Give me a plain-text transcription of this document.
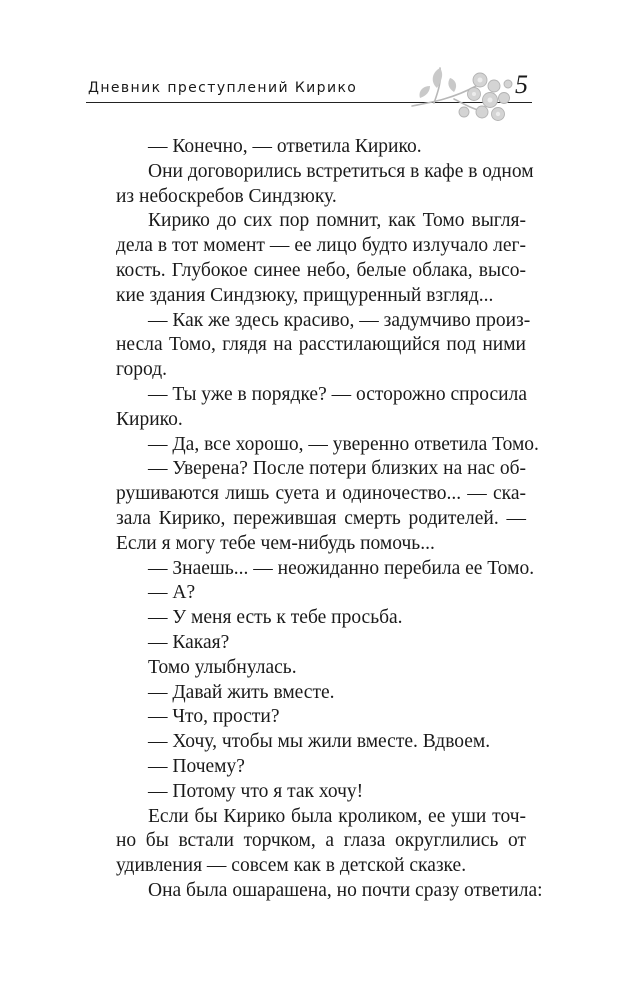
Дневник преступлений Кирико	5
— Конечно, — ответила Кирико.
Они договорились встретиться в кафе в одном
из небоскребов Синдзюку.
Кирико до сих пор помнит, как Томо выгля-
дела в тот момент — ее лицо будто излучало лег-
кость. Глубокое синее небо, белые облака, высо-
кие здания Синдзюку, прищуренный взгляд...
— Как же здесь красиво, — задумчиво произ-
несла Томо, глядя на расстилающийся под ними
город.
— Ты уже в порядке? — осторожно спросила
Кирико.
— Да, все хорошо, — уверенно ответила Томо.
— Уверена? После потери близких на нас об-
рушиваются лишь суета и одиночество... — ска-
зала Кирико, пережившая смерть родителей. —
Если я могу тебе чем-нибудь помочь...
— Знаешь... — неожиданно перебила ее Томо.
— А?
— У меня есть к тебе просьба.
— Какая?
Томо улыбнулась.
— Давай жить вместе.
— Что, прости?
— Хочу, чтобы мы жили вместе. Вдвоем.
— Почему?
— Потому что я так хочу!
Если бы Кирико была кроликом, ее уши точ-
но бы встали торчком, а глаза округлились от
удивления — совсем как в детской сказке.
Она была ошарашена, но почти сразу ответила:
